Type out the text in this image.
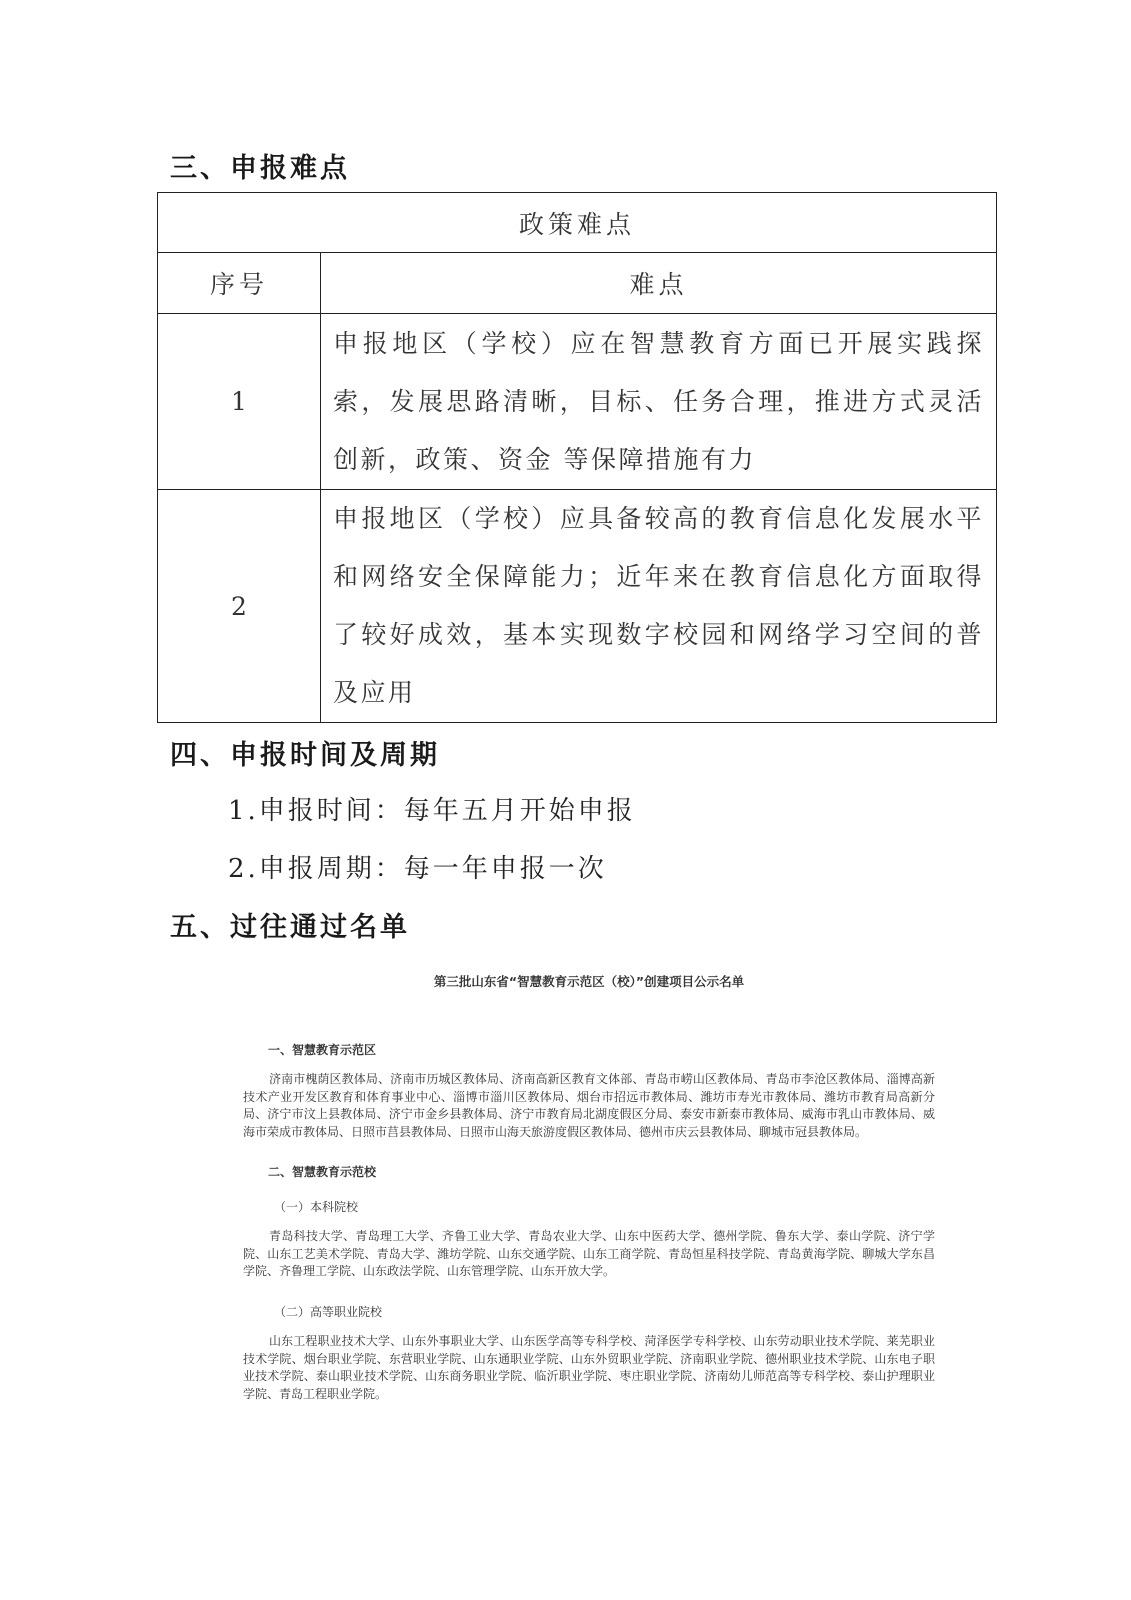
三、申报难点
政策难点	
序号	难点
1	申报地区（学校）应在智慧教育方面已开展实践探索，发展思路清晰，目标、任务合理，推进方式灵活创新，政策、资金 等保障措施有力
2	申报地区（学校）应具备较高的教育信息化发展水平和网络安全保障能力；近年来在教育信息化方面取得了较好成效，基本实现数字校园和网络学习空间的普及应用
四、申报时间及周期
1.申报时间：每年五月开始申报
2.申报周期：每一年申报一次
五、过往通过名单
第三批山东省“智慧教育示范区（校）”创建项目公示名单
一、智慧教育示范区
济南市槐荫区教体局、济南市历城区教体局、济南高新区教育文体部、青岛市崂山区教体局、青岛市李沧区教体局、淄博高新技术产业开发区教育和体育事业中心、淄博市淄川区教体局、烟台市招远市教体局、潍坊市寿光市教体局、潍坊市教育局高新分局、济宁市汶上县教体局、济宁市金乡县教体局、济宁市教育局北湖度假区分局、泰安市新泰市教体局、威海市乳山市教体局、威海市荣成市教体局、日照市莒县教体局、日照市山海天旅游度假区教体局、德州市庆云县教体局、聊城市冠县教体局。
二、智慧教育示范校
（一）本科院校
青岛科技大学、青岛理工大学、齐鲁工业大学、青岛农业大学、山东中医药大学、德州学院、鲁东大学、泰山学院、济宁学院、山东工艺美术学院、青岛大学、潍坊学院、山东交通学院、山东工商学院、青岛恒星科技学院、青岛黄海学院、聊城大学东昌学院、齐鲁理工学院、山东政法学院、山东管理学院、山东开放大学。
（二）高等职业院校
山东工程职业技术大学、山东外事职业大学、山东医学高等专科学校、菏泽医学专科学校、山东劳动职业技术学院、莱芜职业技术学院、烟台职业学院、东营职业学院、山东通职业学院、山东外贸职业学院、济南职业学院、德州职业技术学院、山东电子职业技术学院、泰山职业技术学院、山东商务职业学院、临沂职业学院、枣庄职业学院、济南幼儿师范高等专科学校、泰山护理职业学院、青岛工程职业学院。
